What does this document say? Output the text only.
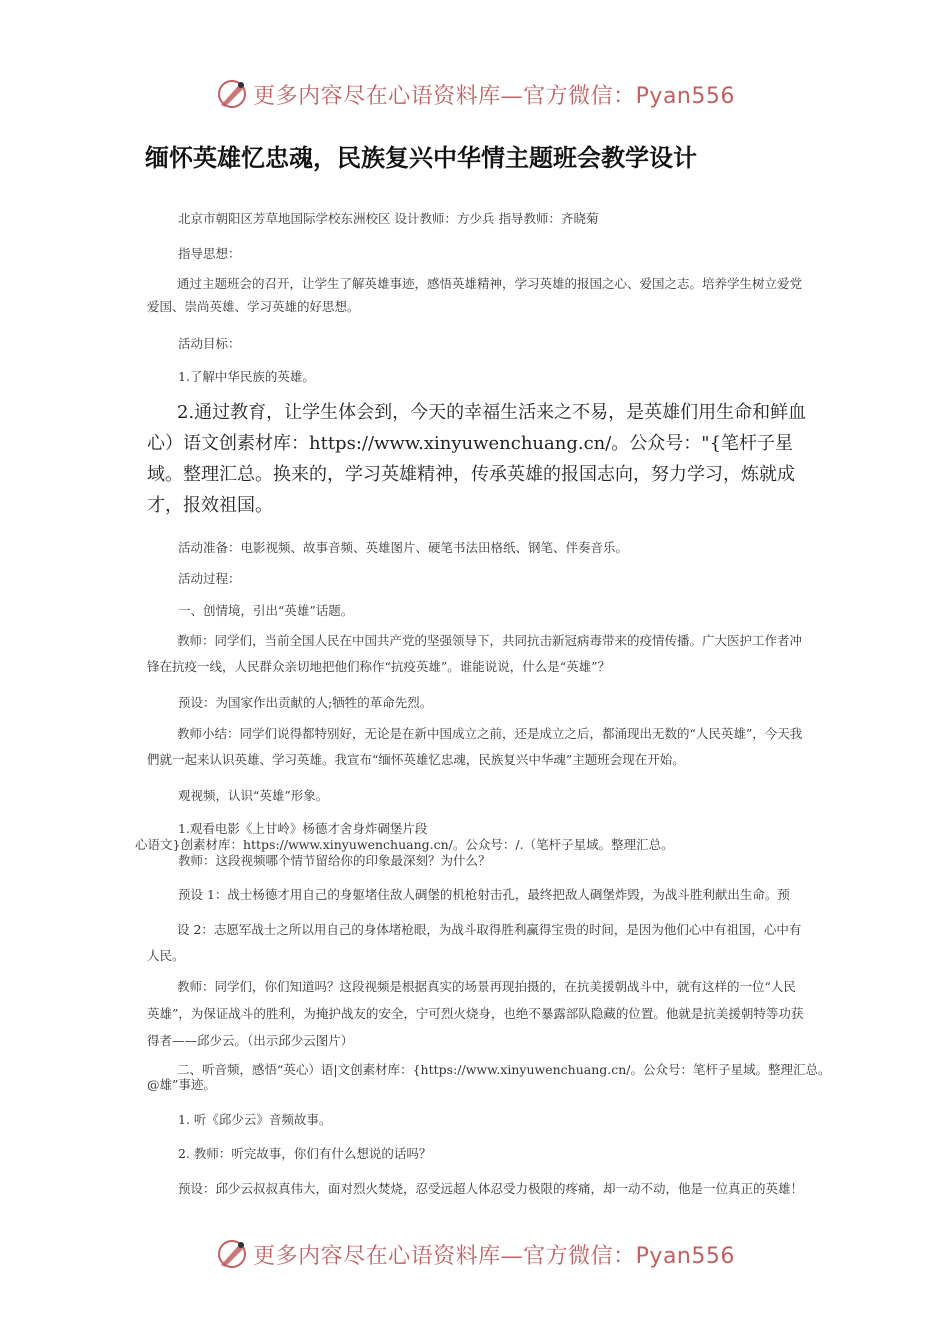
更多内容尽在心语资料库—官方微信：Pyan556
缅怀英雄忆忠魂，民族复兴中华情主题班会教学设计
北京市朝阳区芳草地国际学校东洲校区 设计教师：方少兵 指导教师：齐晓菊
指导思想：
通过主题班会的召开，让学生了解英雄事迹，感悟英雄精神，学习英雄的报国之心、爱国之志。培养学生树立爱党爱国、崇尚英雄、学习英雄的好思想。
活动目标：
1.了解中华民族的英雄。
2.通过教育，让学生体会到，今天的幸福生活来之不易，是英雄们用生命和鲜血心）语文创素材库：https://www.xinyuwenchuang.cn/。公众号："{笔杆子星域。整理汇总。换来的，学习英雄精神，传承英雄的报国志向，努力学习，炼就成才，报效祖国。
活动准备：电影视频、故事音频、英雄图片、硬笔书法田格纸、钢笔、伴奏音乐。
活动过程：
一、创情境，引出“英雄”话题。
教师：同学们，当前全国人民在中国共产党的坚强领导下，共同抗击新冠病毒带来的疫情传播。广大医护工作者冲锋在抗疫一线，人民群众亲切地把他们称作“抗疫英雄”。谁能说说，什么是“英雄”？
预设：为国家作出贡献的人;牺牲的革命先烈。
教师小结：同学们说得都特别好，无论是在新中国成立之前，还是成立之后，都涌现出无数的“人民英雄”，今天我們就一起来认识英雄、学习英雄。我宣布“缅怀英雄忆忠魂，民族复兴中华魂”主题班会现在开始。
观视频，认识“英雄”形象。
1.观看电影《上甘岭》杨德才舍身炸碉堡片段
心语文}创素材库：https://www.xinyuwenchuang.cn/。公众号：/.（笔杆子星域。整理汇总。
教师：这段视频哪个情节留给你的印象最深刻？为什么？
预设 1：战士杨德才用自己的身躯堵住敌人碉堡的机枪射击孔，最终把敌人碉堡炸毁，为战斗胜利献出生命。预
设 2：志愿军战士之所以用自己的身体堵枪眼，为战斗取得胜利赢得宝贵的时间，是因为他们心中有祖国，心中有人民。
教师：同学们，你们知道吗？这段视频是根据真实的场景再现拍摄的，在抗美援朝战斗中，就有这样的一位“人民英雄”，为保证战斗的胜利，为掩护战友的安全，宁可烈火烧身，也绝不暴露部队隐藏的位置。他就是抗美援朝特等功获得者——邱少云。（出示邱少云图片）
二、听音频，感悟“英心）语|文创素材库：{https://www.xinyuwenchuang.cn/。公众号：笔杆子星域。整理汇总。@雄”事迹。
1. 听《邱少云》音频故事。
2. 教师：听完故事，你们有什么想说的话吗？
预设：邱少云叔叔真伟大，面对烈火焚烧，忍受远超人体忍受力极限的疼痛，却一动不动，他是一位真正的英雄！
更多内容尽在心语资料库—官方微信：Pyan556
